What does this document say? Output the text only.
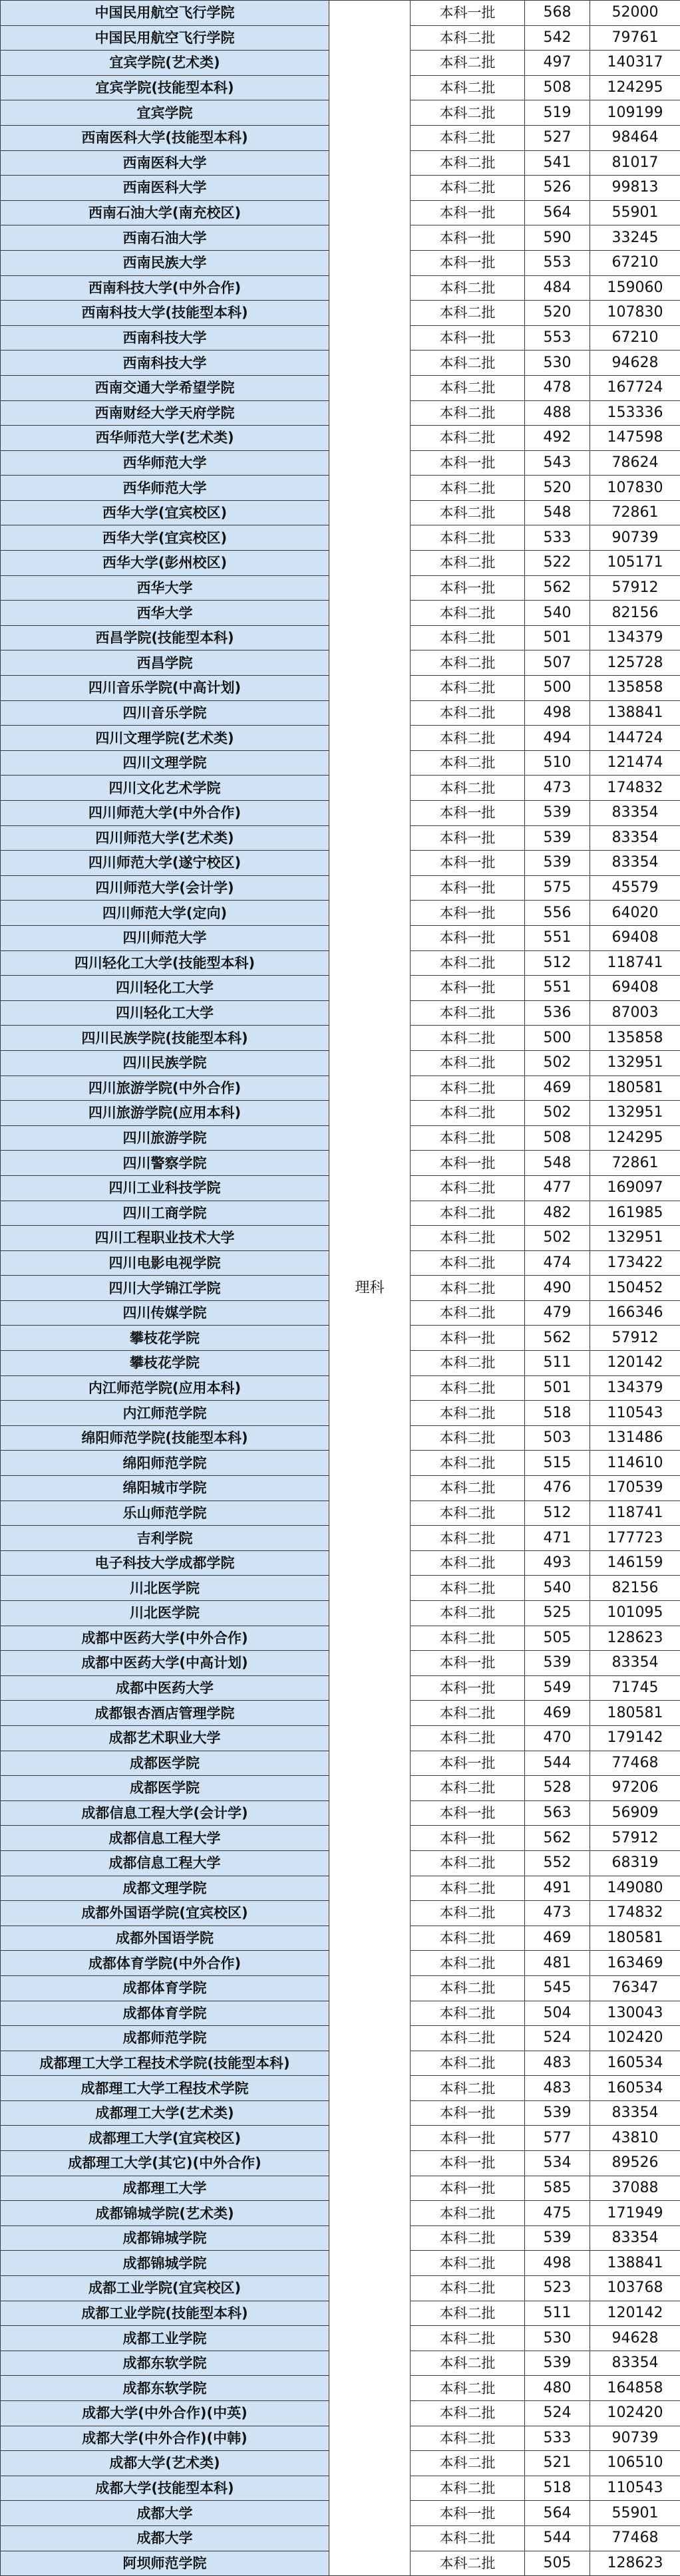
中国民用航空飞行学院	理科	本科一批	568	52000
中国民用航空飞行学院		本科二批	542	79761
宜宾学院(艺术类)		本科二批	497	140317
宜宾学院(技能型本科)		本科二批	508	124295
宜宾学院		本科二批	519	109199
西南医科大学(技能型本科)		本科二批	527	98464
西南医科大学		本科二批	541	81017
西南医科大学		本科二批	526	99813
西南石油大学(南充校区)		本科一批	564	55901
西南石油大学		本科一批	590	33245
西南民族大学		本科一批	553	67210
西南科技大学(中外合作)		本科二批	484	159060
西南科技大学(技能型本科)		本科二批	520	107830
西南科技大学		本科一批	553	67210
西南科技大学		本科二批	530	94628
西南交通大学希望学院		本科二批	478	167724
西南财经大学天府学院		本科二批	488	153336
西华师范大学(艺术类)		本科二批	492	147598
西华师范大学		本科一批	543	78624
西华师范大学		本科二批	520	107830
西华大学(宜宾校区)		本科二批	548	72861
西华大学(宜宾校区)		本科二批	533	90739
西华大学(彭州校区)		本科二批	522	105171
西华大学		本科一批	562	57912
西华大学		本科二批	540	82156
西昌学院(技能型本科)		本科二批	501	134379
西昌学院		本科二批	507	125728
四川音乐学院(中高计划)		本科二批	500	135858
四川音乐学院		本科二批	498	138841
四川文理学院(艺术类)		本科二批	494	144724
四川文理学院		本科二批	510	121474
四川文化艺术学院		本科二批	473	174832
四川师范大学(中外合作)		本科一批	539	83354
四川师范大学(艺术类)		本科一批	539	83354
四川师范大学(遂宁校区)		本科一批	539	83354
四川师范大学(会计学)		本科一批	575	45579
四川师范大学(定向)		本科一批	556	64020
四川师范大学		本科一批	551	69408
四川轻化工大学(技能型本科)		本科二批	512	118741
四川轻化工大学		本科一批	551	69408
四川轻化工大学		本科二批	536	87003
四川民族学院(技能型本科)		本科二批	500	135858
四川民族学院		本科二批	502	132951
四川旅游学院(中外合作)		本科二批	469	180581
四川旅游学院(应用本科)		本科二批	502	132951
四川旅游学院		本科二批	508	124295
四川警察学院		本科一批	548	72861
四川工业科技学院		本科二批	477	169097
四川工商学院		本科二批	482	161985
四川工程职业技术大学		本科二批	502	132951
四川电影电视学院		本科二批	474	173422
四川大学锦江学院		本科二批	490	150452
四川传媒学院		本科二批	479	166346
攀枝花学院		本科一批	562	57912
攀枝花学院		本科二批	511	120142
内江师范学院(应用本科)		本科二批	501	134379
内江师范学院		本科二批	518	110543
绵阳师范学院(技能型本科)		本科二批	503	131486
绵阳师范学院		本科二批	515	114610
绵阳城市学院		本科二批	476	170539
乐山师范学院		本科二批	512	118741
吉利学院		本科二批	471	177723
电子科技大学成都学院		本科二批	493	146159
川北医学院		本科二批	540	82156
川北医学院		本科二批	525	101095
成都中医药大学(中外合作)		本科二批	505	128623
成都中医药大学(中高计划)		本科一批	539	83354
成都中医药大学		本科一批	549	71745
成都银杏酒店管理学院		本科二批	469	180581
成都艺术职业大学		本科二批	470	179142
成都医学院		本科一批	544	77468
成都医学院		本科二批	528	97206
成都信息工程大学(会计学)		本科一批	563	56909
成都信息工程大学		本科一批	562	57912
成都信息工程大学		本科二批	552	68319
成都文理学院		本科二批	491	149080
成都外国语学院(宜宾校区)		本科二批	473	174832
成都外国语学院		本科二批	469	180581
成都体育学院(中外合作)		本科二批	481	163469
成都体育学院		本科二批	545	76347
成都体育学院		本科二批	504	130043
成都师范学院		本科二批	524	102420
成都理工大学工程技术学院(技能型本科)		本科二批	483	160534
成都理工大学工程技术学院		本科二批	483	160534
成都理工大学(艺术类)		本科一批	539	83354
成都理工大学(宜宾校区)		本科一批	577	43810
成都理工大学(其它)(中外合作)		本科一批	534	89526
成都理工大学		本科一批	585	37088
成都锦城学院(艺术类)		本科二批	475	171949
成都锦城学院		本科二批	539	83354
成都锦城学院		本科二批	498	138841
成都工业学院(宜宾校区)		本科二批	523	103768
成都工业学院(技能型本科)		本科二批	511	120142
成都工业学院		本科二批	530	94628
成都东软学院		本科二批	539	83354
成都东软学院		本科二批	480	164858
成都大学(中外合作)(中英)		本科二批	524	102420
成都大学(中外合作)(中韩)		本科二批	533	90739
成都大学(艺术类)		本科二批	521	106510
成都大学(技能型本科)		本科二批	518	110543
成都大学		本科一批	564	55901
成都大学		本科二批	544	77468
阿坝师范学院		本科二批	505	128623
